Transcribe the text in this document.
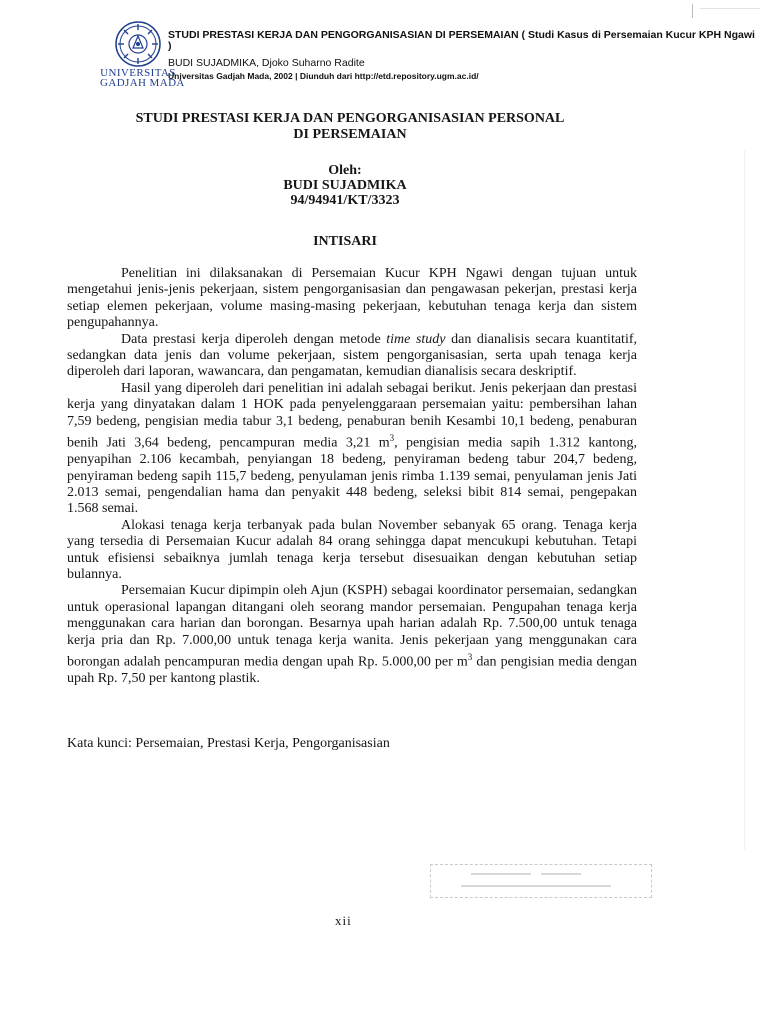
UNIVERSITAS
GADJAH MADA
STUDI PRESTASI KERJA DAN PENGORGANISASIAN DI PERSEMAIAN ( Studi Kasus di Persemaian Kucur KPH Ngawi )
BUDI SUJADMIKA, Djoko Suharno Radite
Universitas Gadjah Mada, 2002 | Diunduh dari http://etd.repository.ugm.ac.id/
STUDI PRESTASI KERJA DAN PENGORGANISASIAN PERSONAL
DI PERSEMAIAN
Oleh:
BUDI SUJADMIKA
94/94941/KT/3323
INTISARI

Penelitian ini dilaksanakan di Persemaian Kucur KPH Ngawi dengan tujuan untuk mengetahui jenis-jenis pekerjaan, sistem pengorganisasian dan pengawasan pekerjan, prestasi kerja setiap elemen pekerjaan, volume masing-masing pekerjaan, kebutuhan tenaga kerja dan sistem pengupahannya.

Data prestasi kerja diperoleh dengan metode time study dan dianalisis secara kuantitatif, sedangkan data jenis dan volume pekerjaan, sistem pengorganisasian, serta upah tenaga kerja diperoleh dari laporan, wawancara, dan pengamatan, kemudian dianalisis secara deskriptif.

Hasil yang diperoleh dari penelitian ini adalah sebagai berikut. Jenis pekerjaan dan prestasi kerja yang dinyatakan dalam 1 HOK pada penyelenggaraan persemaian yaitu: pembersihan lahan 7,59 bedeng, pengisian media tabur 3,1 bedeng, penaburan benih Kesambi 10,1 bedeng, penaburan benih Jati 3,64 bedeng, pencampuran media 3,21 $m^3$, pengisian media sapih 1.312 kantong, penyapihan 2.106 kecambah, penyiangan 18 bedeng, penyiraman bedeng tabur 204,7 bedeng, penyiraman bedeng sapih 115,7 bedeng, penyulaman jenis rimba 1.139 semai, penyulaman jenis Jati 2.013 semai, pengendalian hama dan penyakit 448 bedeng, seleksi bibit 814 semai, pengepakan 1.568 semai.

Alokasi tenaga kerja terbanyak pada bulan November sebanyak 65 orang. Tenaga kerja yang tersedia di Persemaian Kucur adalah 84 orang sehingga dapat mencukupi kebutuhan. Tetapi untuk efisiensi sebaiknya jumlah tenaga kerja tersebut disesuaikan dengan kebutuhan setiap bulannya.

Persemaian Kucur dipimpin oleh Ajun (KSPH) sebagai koordinator persemaian, sedangkan untuk operasional lapangan ditangani oleh seorang mandor persemaian. Pengupahan tenaga kerja menggunakan cara harian dan borongan. Besarnya upah harian adalah Rp. 7.500,00 untuk tenaga kerja pria dan Rp. 7.000,00 untuk tenaga kerja wanita. Jenis pekerjaan yang menggunakan cara borongan adalah pencampuran media dengan upah Rp. 5.000,00 per $m^3$ dan pengisian media dengan upah Rp. 7,50 per kantong plastik.

Kata kunci: Persemaian, Prestasi Kerja, Pengorganisasian
xii
